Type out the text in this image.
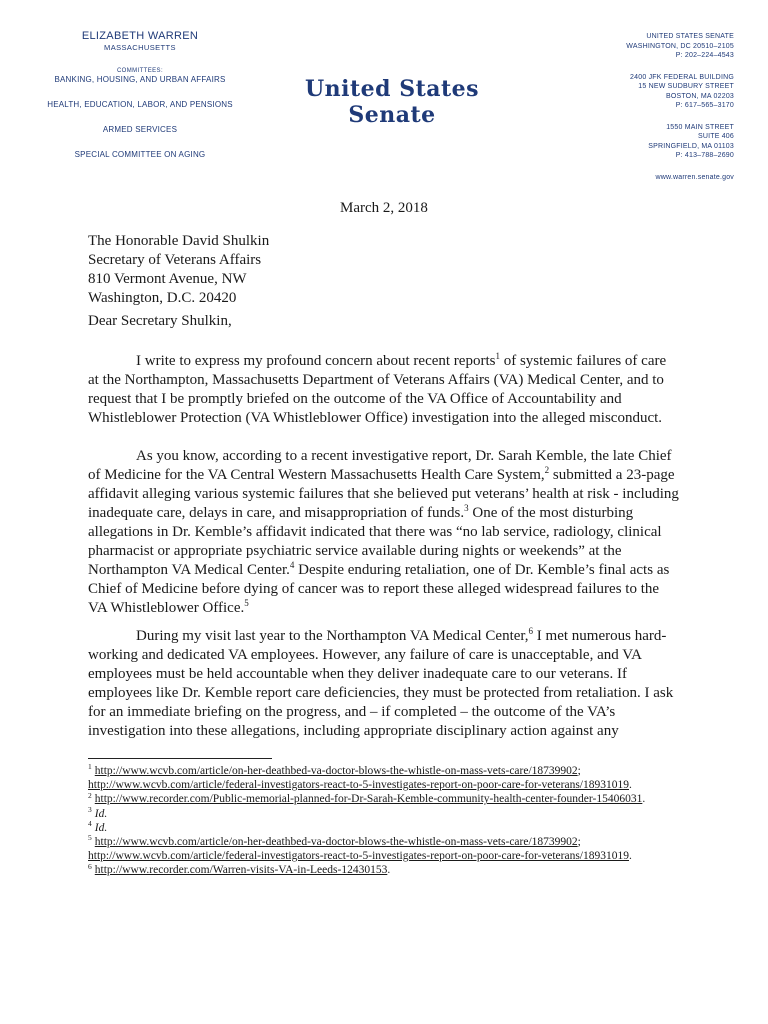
ELIZABETH WARREN
MASSACHUSETTS
COMMITTEES:
BANKING, HOUSING, AND URBAN AFFAIRS
HEALTH, EDUCATION, LABOR, AND PENSIONS
ARMED SERVICES
SPECIAL COMMITTEE ON AGING
United States Senate
UNITED STATES SENATE
WASHINGTON, DC 20510–2105
P: 202–224–4543
2400 JFK FEDERAL BUILDING
15 NEW SUDBURY STREET
BOSTON, MA 02203
P: 617–565–3170
1550 MAIN STREET
SUITE 406
SPRINGFIELD, MA 01103
P: 413–788–2690
www.warren.senate.gov
March 2, 2018
The Honorable David Shulkin
Secretary of Veterans Affairs
810 Vermont Avenue, NW
Washington, D.C. 20420
Dear Secretary Shulkin,

I write to express my profound concern about recent reports$^1$ of systemic failures of care at the Northampton, Massachusetts Department of Veterans Affairs (VA) Medical Center, and to request that I be promptly briefed on the outcome of the VA Office of Accountability and Whistleblower Protection (VA Whistleblower Office) investigation into the alleged misconduct.

As you know, according to a recent investigative report, Dr. Sarah Kemble, the late Chief of Medicine for the VA Central Western Massachusetts Health Care System,$^2$ submitted a 23-page affidavit alleging various systemic failures that she believed put veterans’ health at risk - including inadequate care, delays in care, and misappropriation of funds.$^3$ One of the most disturbing allegations in Dr. Kemble’s affidavit indicated that there was “no lab service, radiology, clinical pharmacist or appropriate psychiatric service available during nights or weekends” at the Northampton VA Medical Center.$^4$ Despite enduring retaliation, one of Dr. Kemble’s final acts as Chief of Medicine before dying of cancer was to report these alleged widespread failures to the VA Whistleblower Office.$^5$

During my visit last year to the Northampton VA Medical Center,$^6$ I met numerous hard-working and dedicated VA employees. However, any failure of care is unacceptable, and VA employees must be held accountable when they deliver inadequate care to our veterans. If employees like Dr. Kemble report care deficiencies, they must be protected from retaliation. I ask for an immediate briefing on the progress, and – if completed – the outcome of the VA’s investigation into these allegations, including appropriate disciplinary action against any

$^1$ http://www.wcvb.com/article/on-her-deathbed-va-doctor-blows-the-whistle-on-mass-vets-care/18739902; http://www.wcvb.com/article/federal-investigators-react-to-5-investigates-report-on-poor-care-for-veterans/18931019.

$^2$ http://www.recorder.com/Public-memorial-planned-for-Dr-Sarah-Kemble-community-health-center-founder-15406031.

$^3$ Id.

$^4$ Id.

$^5$ http://www.wcvb.com/article/on-her-deathbed-va-doctor-blows-the-whistle-on-mass-vets-care/18739902; http://www.wcvb.com/article/federal-investigators-react-to-5-investigates-report-on-poor-care-for-veterans/18931019.

$^6$ http://www.recorder.com/Warren-visits-VA-in-Leeds-12430153.
